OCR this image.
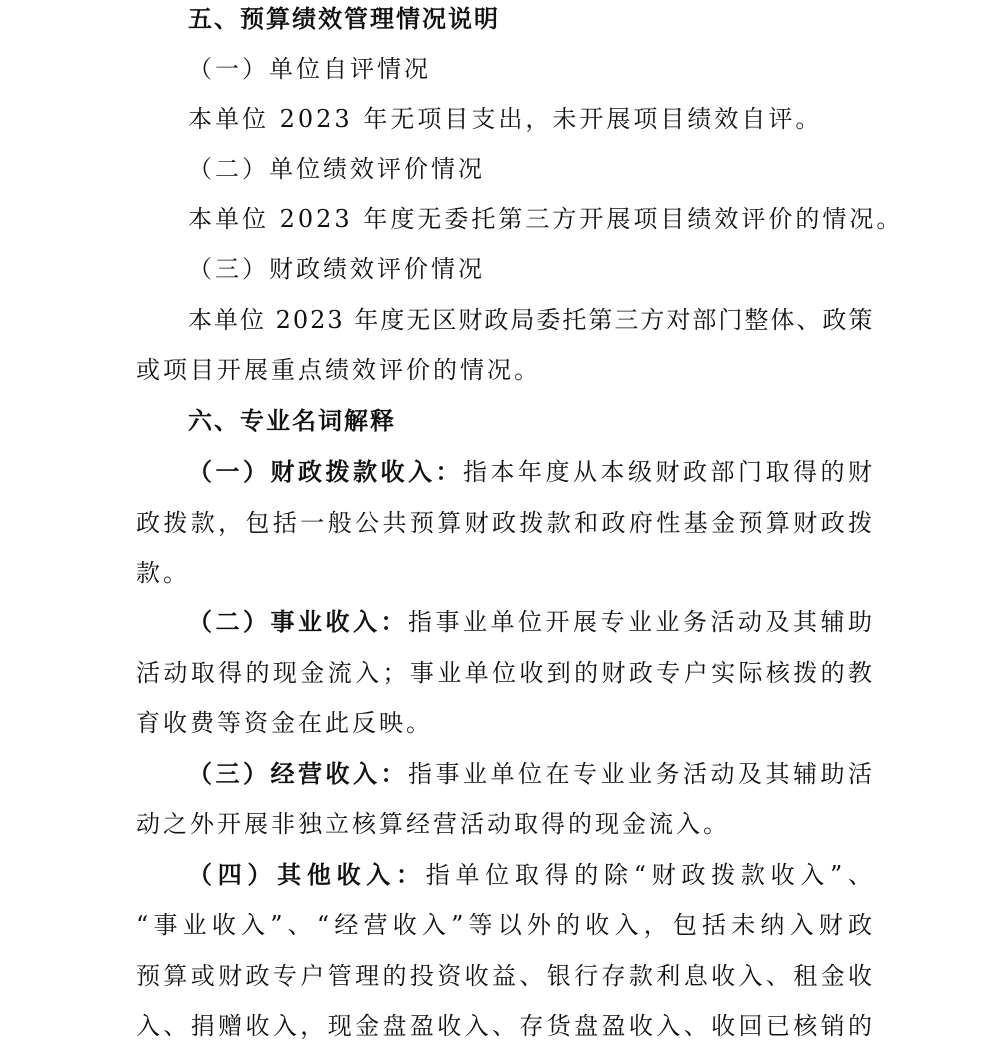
五、预算绩效管理情况说明
（一）单位自评情况
本单位 2023 年无项目支出，未开展项目绩效自评。
（二）单位绩效评价情况
本单位 2023 年度无委托第三方开展项目绩效评价的情况。
（三）财政绩效评价情况
本单位 2023 年度无区财政局委托第三方对部门整体、政策
或项目开展重点绩效评价的情况。
六、专业名词解释
（一）财政拨款收入：指本年度从本级财政部门取得的财
政拨款，包括一般公共预算财政拨款和政府性基金预算财政拨
款。
（二）事业收入：指事业单位开展专业业务活动及其辅助
活动取得的现金流入；事业单位收到的财政专户实际核拨的教
育收费等资金在此反映。
（三）经营收入：指事业单位在专业业务活动及其辅助活
动之外开展非独立核算经营活动取得的现金流入。
（四）其他收入：指单位取得的除“财政拨款收入”、
“事业收入”、“经营收入”等以外的收入，包括未纳入财政
预算或财政专户管理的投资收益、银行存款利息收入、租金收
入、捐赠收入，现金盘盈收入、存货盘盈收入、收回已核销的
